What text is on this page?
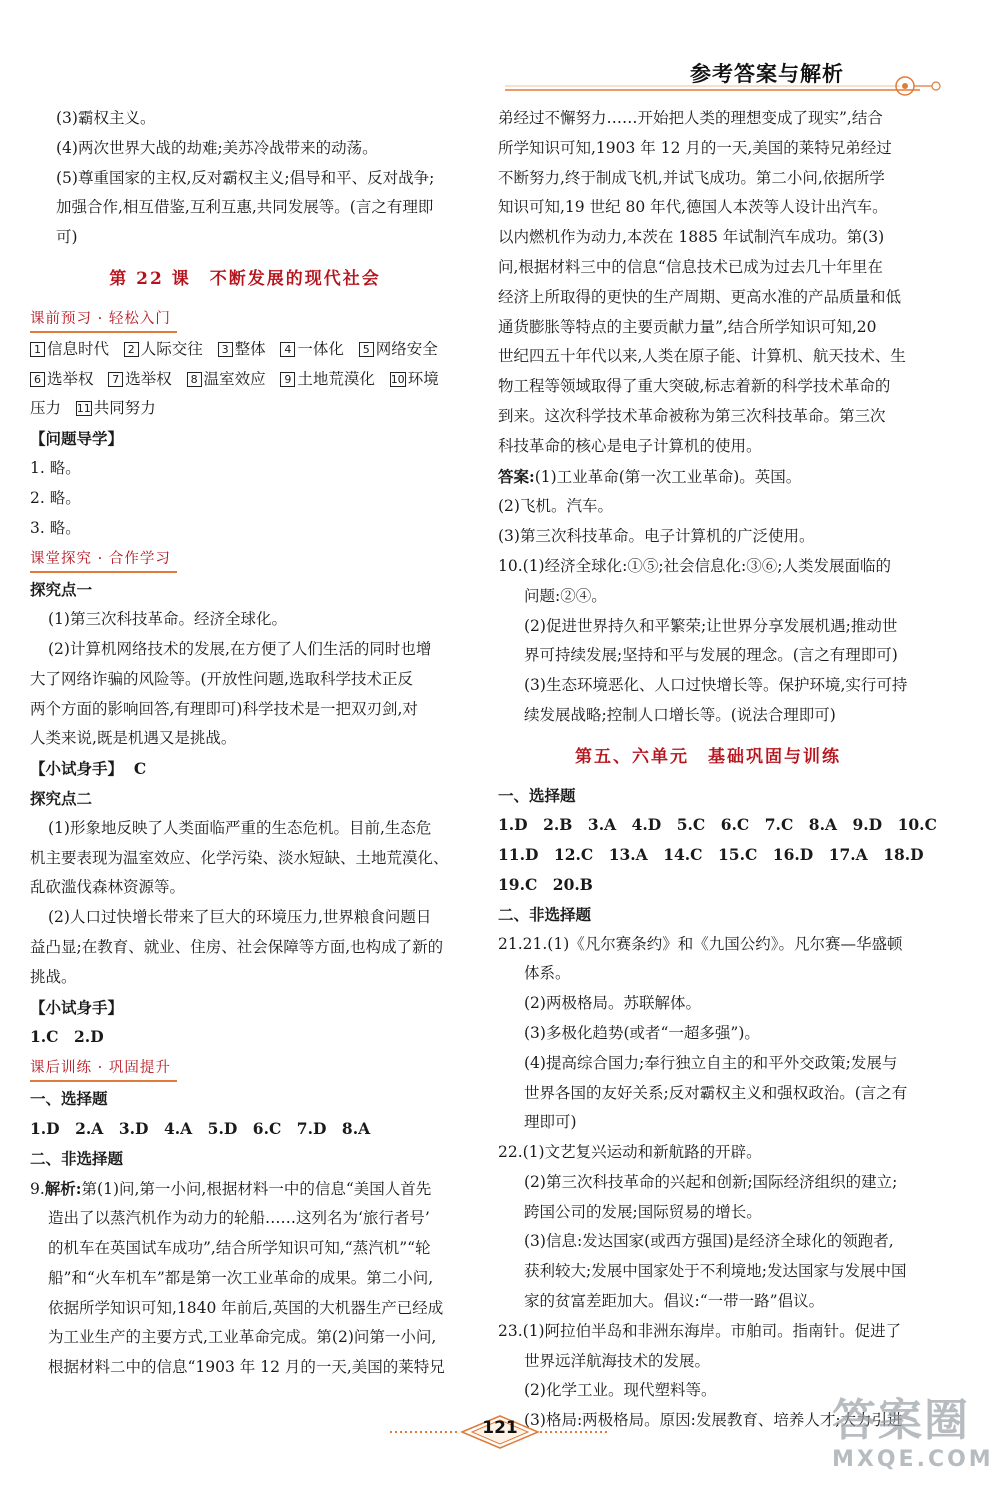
参考答案与解析
(3)霸权主义。
(4)两次世界大战的劫难;美苏冷战带来的动荡。
(5)尊重国家的主权,反对霸权主义;倡导和平、反对战争;
加强合作,相互借鉴,互利互惠,共同发展等。(言之有理即
可)
第 22 课　不断发展的现代社会
课前预习 · 轻松入门
1 信息时代 2 人际交往 3 整体 4 一体化 5 网络安全
6 选举权 7 选举权 8 温室效应 9 土地荒漠化 10 环境
压力 11 共同努力
【问题导学】
1. 略。
2. 略。
3. 略。
课堂探究 · 合作学习
探究点一
(1)第三次科技革命。经济全球化。
(2)计算机网络技术的发展,在方便了人们生活的同时也增
大了网络诈骗的风险等。(开放性问题,选取科学技术正反
两个方面的影响回答,有理即可)科学技术是一把双刃剑,对
人类来说,既是机遇又是挑战。
【小试身手】 C
探究点二
(1)形象地反映了人类面临严重的生态危机。目前,生态危
机主要表现为温室效应、化学污染、淡水短缺、土地荒漠化、
乱砍滥伐森林资源等。
(2)人口过快增长带来了巨大的环境压力,世界粮食问题日
益凸显;在教育、就业、住房、社会保障等方面,也构成了新的
挑战。
【小试身手】
1.C　2.D
课后训练 · 巩固提升
一、选择题
1.D　2.A　3.D　4.A　5.D　6.C　7.D　8.A
二、非选择题
9.解析:第(1)问,第一小问,根据材料一中的信息“美国人首先
造出了以蒸汽机作为动力的轮船……这列名为‘旅行者号’
的机车在英国试车成功”,结合所学知识可知,“蒸汽机”“轮
船”和“火车机车”都是第一次工业革命的成果。第二小问,
依据所学知识可知,1840 年前后,英国的大机器生产已经成
为工业生产的主要方式,工业革命完成。第(2)问第一小问,
根据材料二中的信息“1903 年 12 月的一天,美国的莱特兄
弟经过不懈努力……开始把人类的理想变成了现实”,结合
所学知识可知,1903 年 12 月的一天,美国的莱特兄弟经过
不断努力,终于制成飞机,并试飞成功。第二小问,依据所学
知识可知,19 世纪 80 年代,德国人本茨等人设计出汽车。
以内燃机作为动力,本茨在 1885 年试制汽车成功。第(3)
问,根据材料三中的信息“信息技术已成为过去几十年里在
经济上所取得的更快的生产周期、更高水准的产品质量和低
通货膨胀等特点的主要贡献力量”,结合所学知识可知,20
世纪四五十年代以来,人类在原子能、计算机、航天技术、生
物工程等领域取得了重大突破,标志着新的科学技术革命的
到来。这次科学技术革命被称为第三次科技革命。第三次
科技革命的核心是电子计算机的使用。
答案:(1)工业革命(第一次工业革命)。英国。
(2)飞机。汽车。
(3)第三次科技革命。电子计算机的广泛使用。
10.(1)经济全球化:①⑤;社会信息化:③⑥;人类发展面临的
问题:②④。
(2)促进世界持久和平繁荣;让世界分享发展机遇;推动世
界可持续发展;坚持和平与发展的理念。(言之有理即可)
(3)生态环境恶化、人口过快增长等。保护环境,实行可持
续发展战略;控制人口增长等。(说法合理即可)
第五、六单元　基础巩固与训练
一、选择题
1.D　2.B　3.A　4.D　5.C　6.C　7.C　8.A　9.D　10.C
11.D　12.C　13.A　14.C　15.C　16.D　17.A　18.D
19.C　20.B
二、非选择题
21.21.(1)《凡尔赛条约》和《九国公约》。凡尔赛—华盛顿
体系。
(2)两极格局。苏联解体。
(3)多极化趋势(或者“一超多强”)。
(4)提高综合国力;奉行独立自主的和平外交政策;发展与
世界各国的友好关系;反对霸权主义和强权政治。(言之有
理即可)
22.(1)文艺复兴运动和新航路的开辟。
(2)第三次科技革命的兴起和创新;国际经济组织的建立;
跨国公司的发展;国际贸易的增长。
(3)信息:发达国家(或西方强国)是经济全球化的领跑者,
获利较大;发展中国家处于不利境地;发达国家与发展中国
家的贫富差距加大。倡议:“一带一路”倡议。
23.(1)阿拉伯半岛和非洲东海岸。市舶司。指南针。促进了
世界远洋航海技术的发展。
(2)化学工业。现代塑料等。
(3)格局:两极格局。原因:发展教育、培养人才;大力引进
121	答案圈
MXQE.COM
